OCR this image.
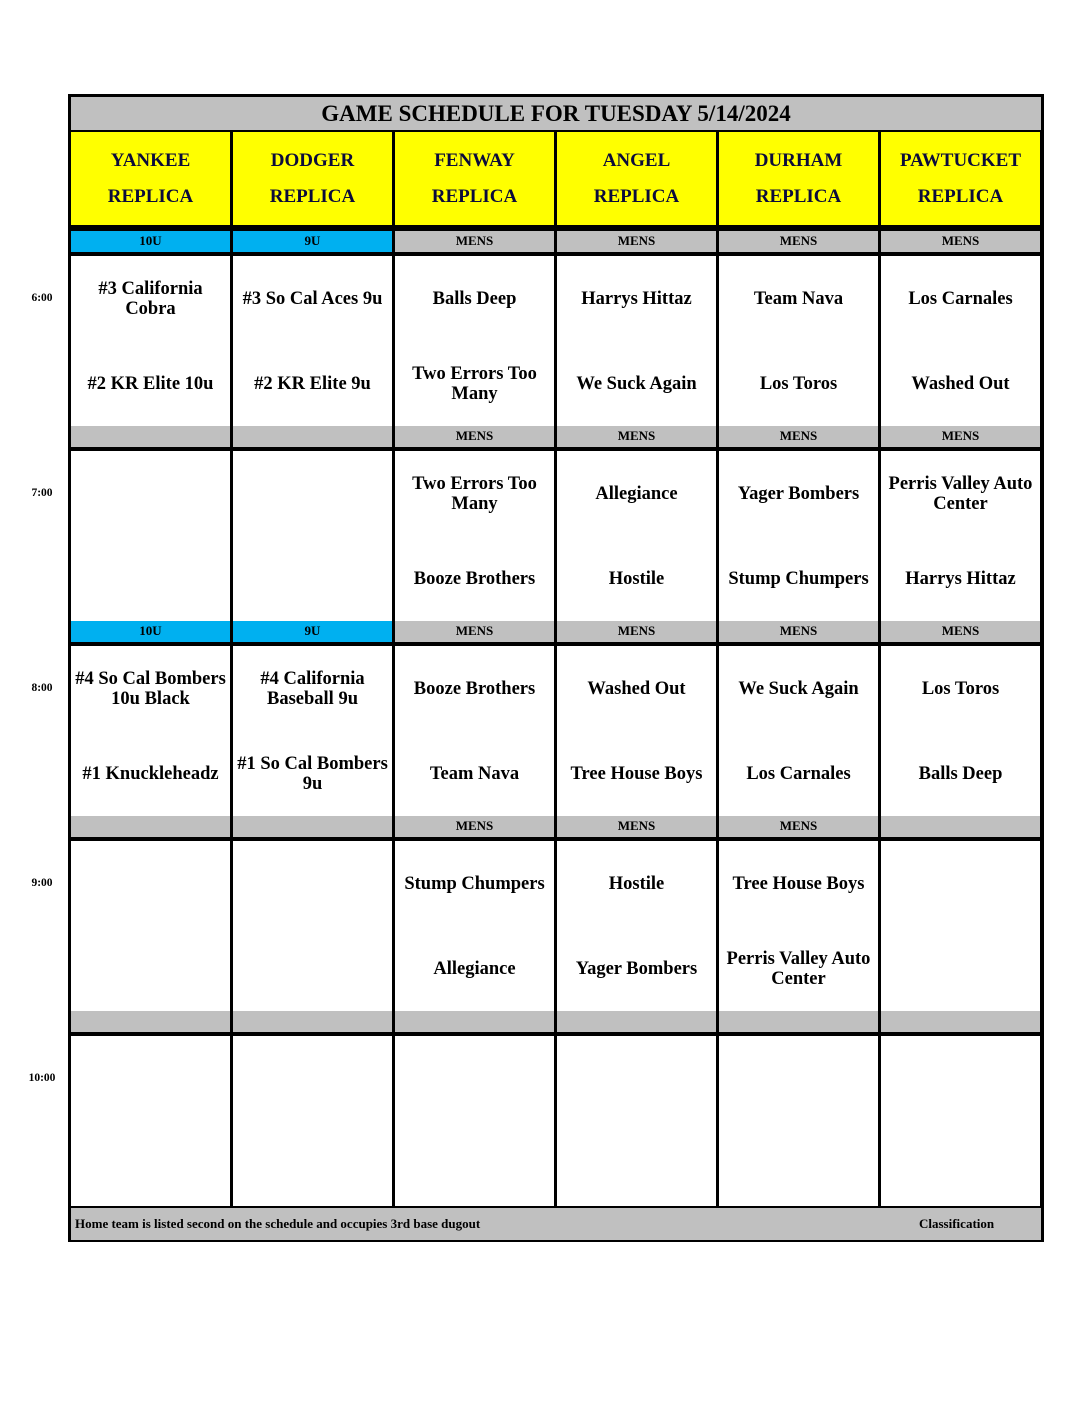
GAME SCHEDULE FOR TUESDAY 5/14/2024
Home team is listed second on the schedule and occupies 3rd base dugout	Classification
YANKEE
REPLICA
DODGER
REPLICA
FENWAY
REPLICA
ANGEL
REPLICA
DURHAM
REPLICA
PAWTUCKET
REPLICA
10U
#3 California Cobra
#2 KR Elite 10u
9U
#3 So Cal Aces 9u
#2 KR Elite 9u
MENS
Balls Deep
Two Errors Too Many
MENS
Harrys Hittaz
We Suck Again
MENS
Team Nava
Los Toros
MENS
Los Carnales
Washed Out
MENS
Two Errors Too Many
Booze Brothers
MENS
Allegiance
Hostile
MENS
Yager Bombers
Stump Chumpers
MENS
Perris Valley Auto Center
Harrys Hittaz
10U
#4 So Cal Bombers 10u Black
#1 Knuckleheadz
9U
#4 California Baseball 9u
#1 So Cal Bombers 9u
MENS
Booze Brothers
Team Nava
MENS
Washed Out
Tree House Boys
MENS
We Suck Again
Los Carnales
MENS
Los Toros
Balls Deep
MENS
Stump Chumpers
Allegiance
MENS
Hostile
Yager Bombers
MENS
Tree House Boys
Perris Valley Auto Center
6:00
7:00
8:00
9:00
10:00
